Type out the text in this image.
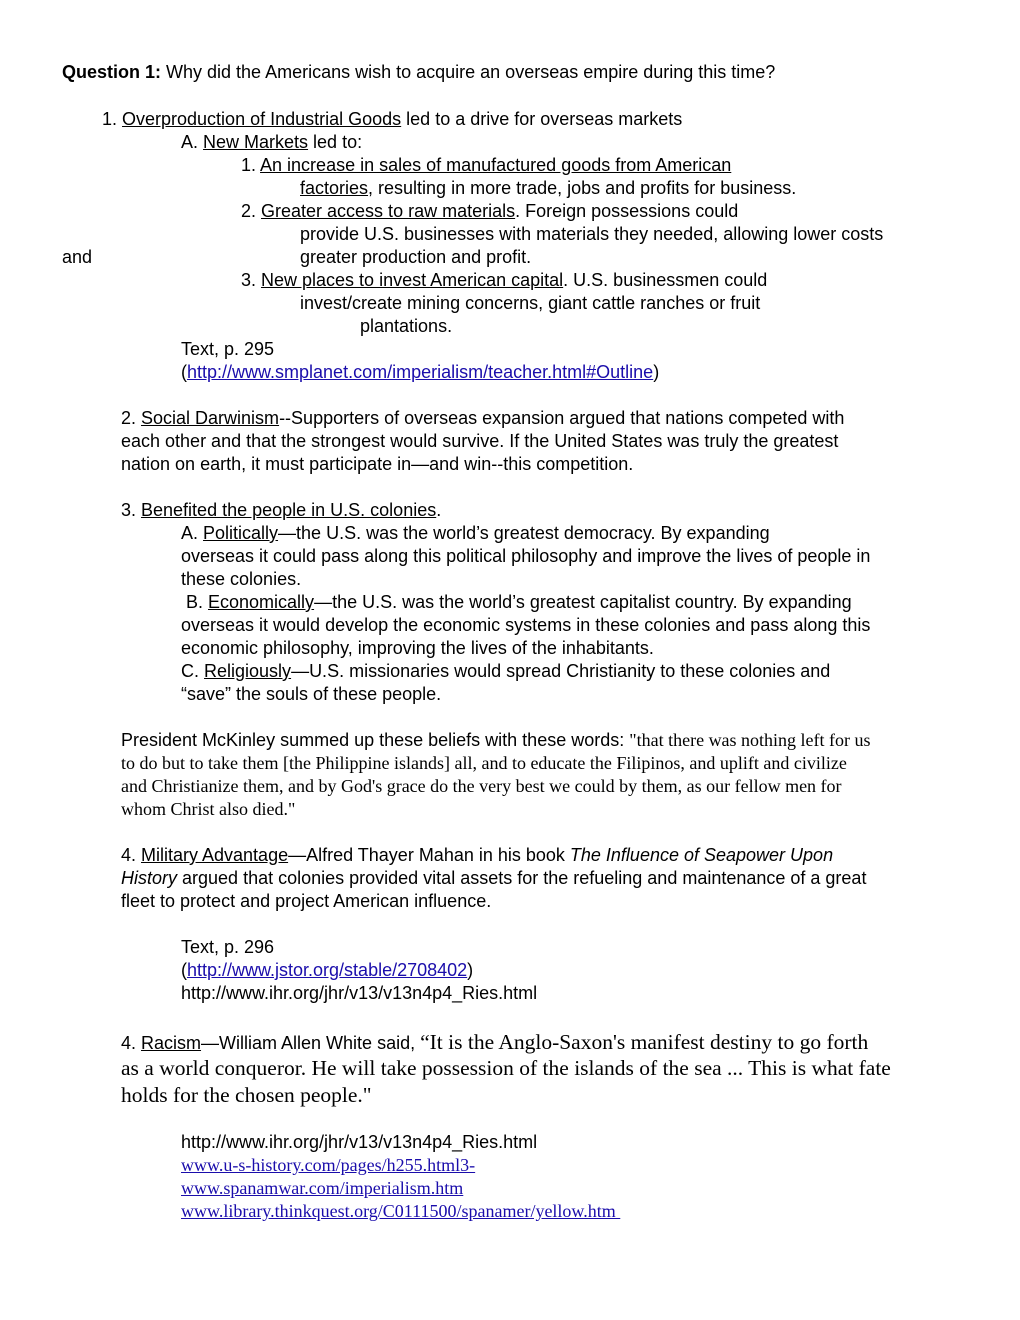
Question 1: Why did the Americans wish to acquire an overseas empire during this time?
1. Overproduction of Industrial Goods led to a drive for overseas markets
A. New Markets led to:
1. An increase in sales of manufactured goods from American
factories, resulting in more trade, jobs and profits for business.
2. Greater access to raw materials. Foreign possessions could
provide U.S. businesses with materials they needed, allowing lower costs
and	greater production and profit.
3. New places to invest American capital. U.S. businessmen could
invest/create mining concerns, giant cattle ranches or fruit
plantations.
Text, p. 295
(http://www.smplanet.com/imperialism/teacher.html#Outline)
2. Social Darwinism--Supporters of overseas expansion argued that nations competed with
each other and that the strongest would survive. If the United States was truly the greatest
nation on earth, it must participate in—and win--this competition.
3. Benefited the people in U.S. colonies.
A. Politically—the U.S. was the world’s greatest democracy. By expanding
overseas it could pass along this political philosophy and improve the lives of people in
these colonies.
B. Economically—the U.S. was the world’s greatest capitalist country. By expanding
overseas it would develop the economic systems in these colonies and pass along this
economic philosophy, improving the lives of the inhabitants.
C. Religiously—U.S. missionaries would spread Christianity to these colonies and
“save” the souls of these people.
President McKinley summed up these beliefs with these words: "that there was nothing left for us
to do but to take them [the Philippine islands] all, and to educate the Filipinos, and uplift and civilize
and Christianize them, and by God's grace do the very best we could by them, as our fellow men for
whom Christ also died."
4. Military Advantage—Alfred Thayer Mahan in his book The Influence of Seapower Upon
History argued that colonies provided vital assets for the refueling and maintenance of a great
fleet to protect and project American influence.
Text, p. 296
(http://www.jstor.org/stable/2708402)
http://www.ihr.org/jhr/v13/v13n4p4_Ries.html
4. Racism—William Allen White said, “It is the Anglo-Saxon's manifest destiny to go forth
as a world conqueror. He will take possession of the islands of the sea ... This is what fate
holds for the chosen people."
http://www.ihr.org/jhr/v13/v13n4p4_Ries.html
www.u-s-history.com/pages/h255.html3-
www.spanamwar.com/imperialism.htm
www.library.thinkquest.org/C0111500/spanamer/yellow.htm
